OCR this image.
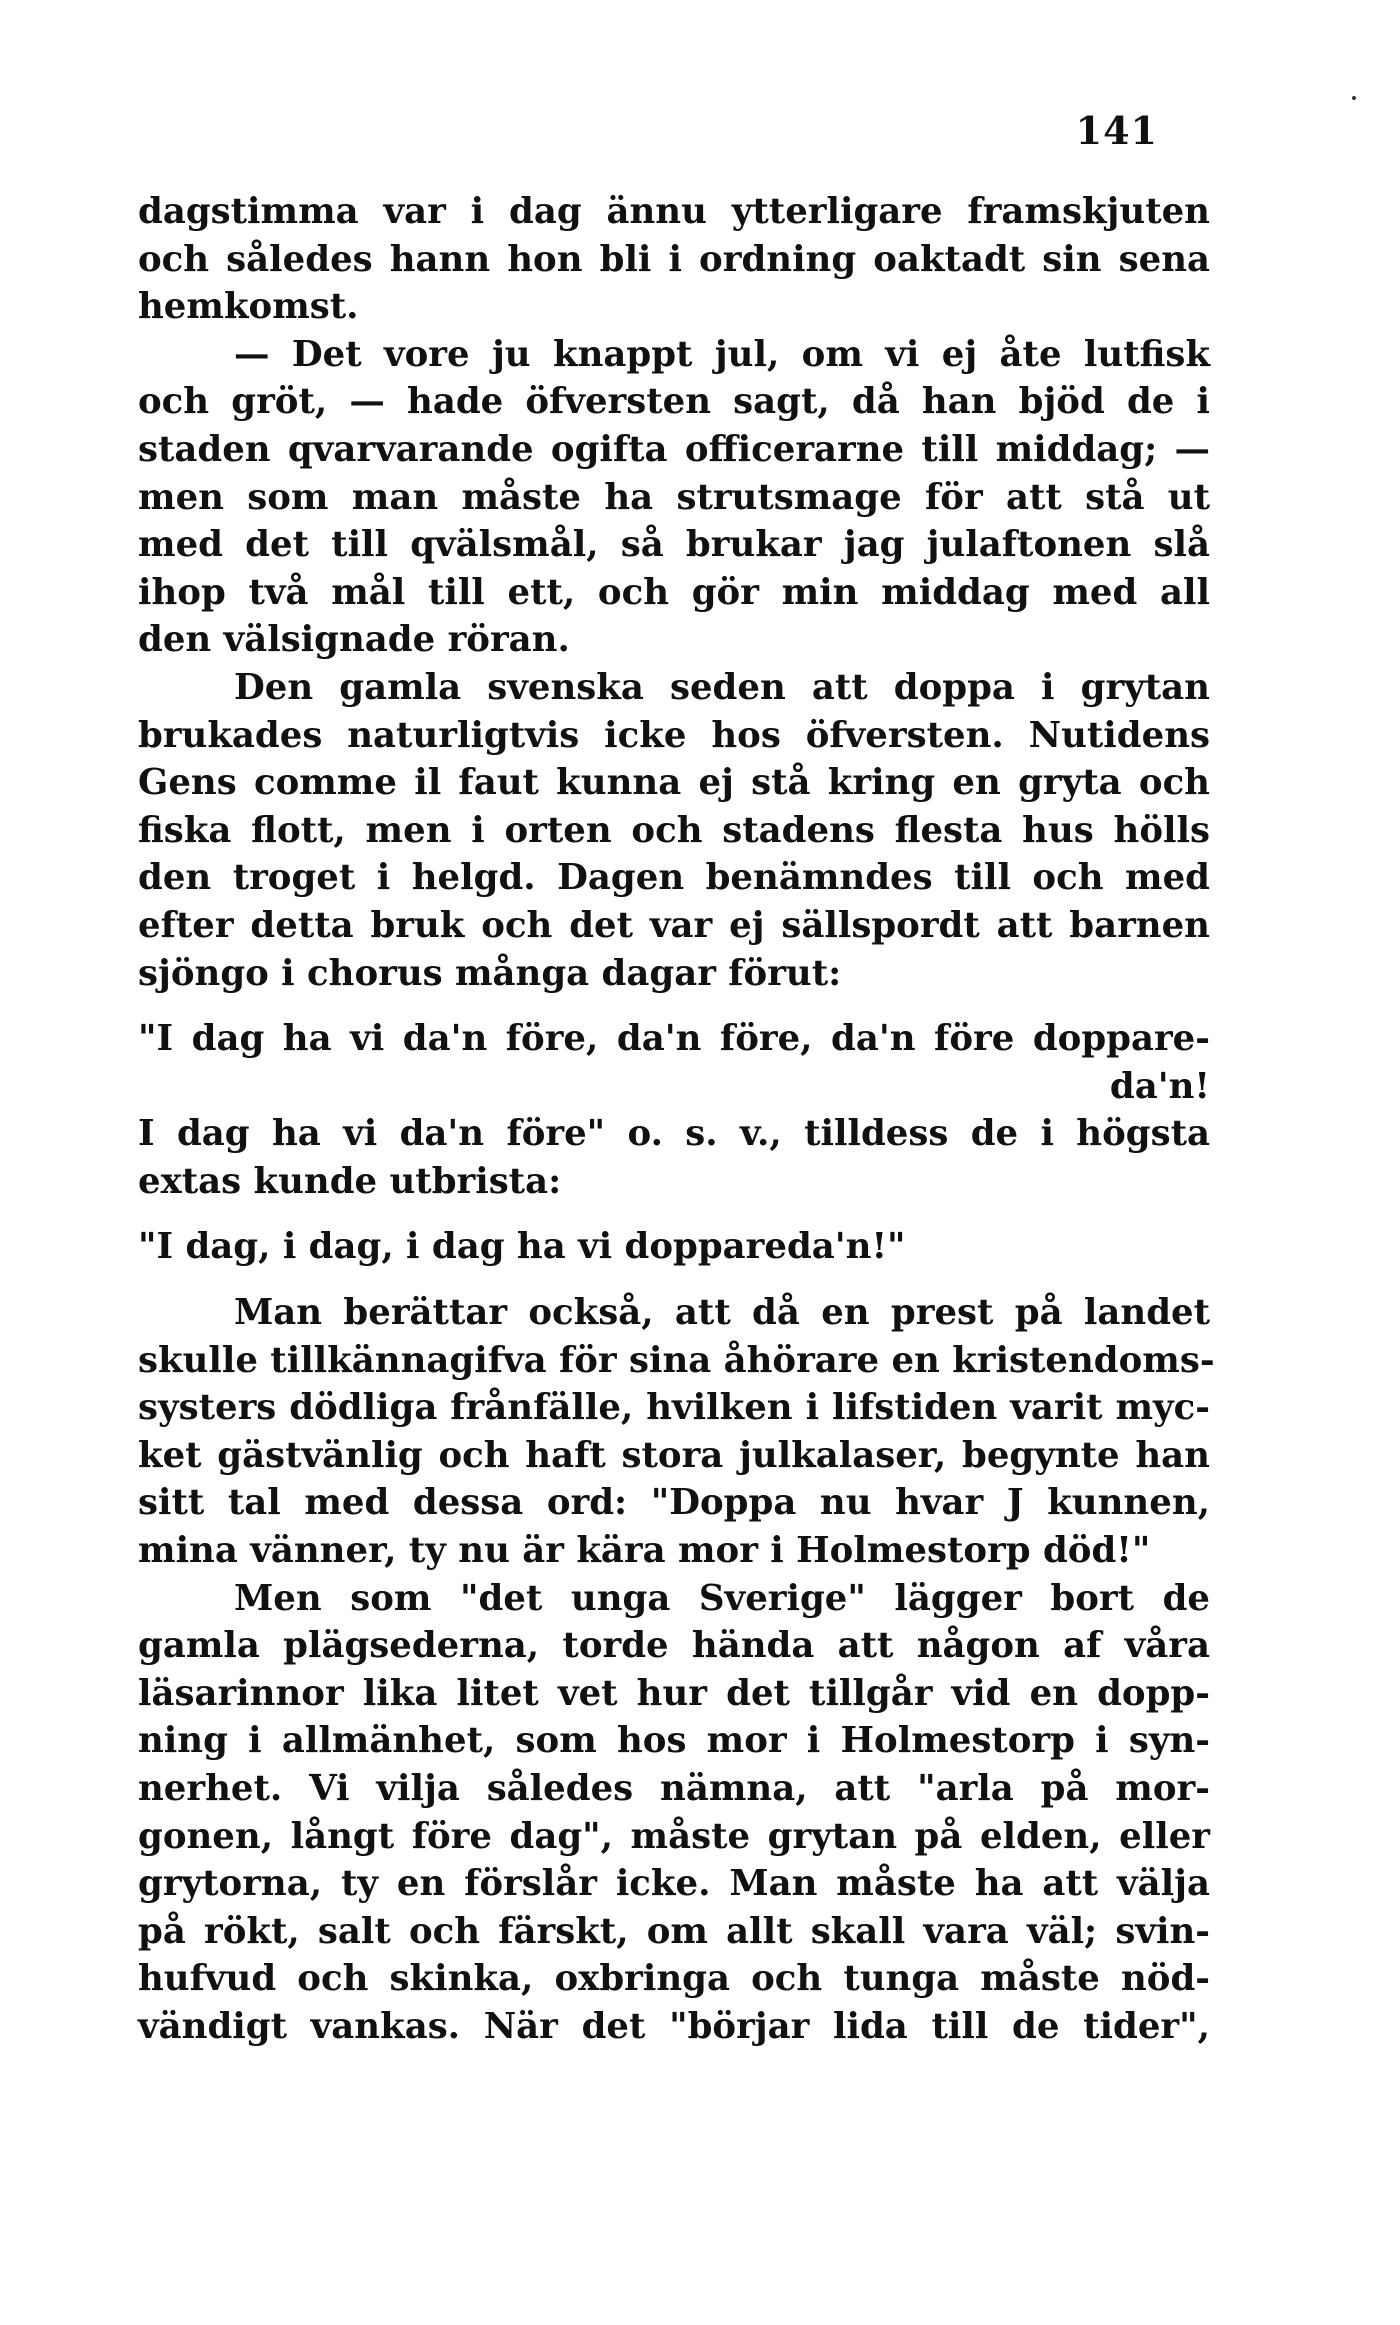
141
dagstimma var i dag ännu ytterligare framskjuten
och således hann hon bli i ordning oaktadt sin sena
hemkomst.
— Det vore ju knappt jul, om vi ej åte lutfisk
och gröt, — hade öfversten sagt, då han bjöd de i
staden qvarvarande ogifta officerarne till middag; —
men som man måste ha strutsmage för att stå ut
med det till qvälsmål, så brukar jag julaftonen slå
ihop två mål till ett, och gör min middag med all
den välsignade röran.
Den gamla svenska seden att doppa i grytan
brukades naturligtvis icke hos öfversten. Nutidens
Gens comme il faut kunna ej stå kring en gryta och
fiska flott, men i orten och stadens flesta hus hölls
den troget i helgd. Dagen benämndes till och med
efter detta bruk och det var ej sällspordt att barnen
sjöngo i chorus många dagar förut:
"I dag ha vi da'n före, da'n före, da'n före doppare-
da'n!
I dag ha vi da'n före" o. s. v., tilldess de i högsta
extas kunde utbrista:
"I dag, i dag, i dag ha vi doppareda'n!"
Man berättar också, att då en prest på landet
skulle tillkännagifva för sina åhörare en kristendoms-
systers dödliga frånfälle, hvilken i lifstiden varit myc-
ket gästvänlig och haft stora julkalaser, begynte han
sitt tal med dessa ord: "Doppa nu hvar J kunnen,
mina vänner, ty nu är kära mor i Holmestorp död!"
Men som "det unga Sverige" lägger bort de
gamla plägsederna, torde hända att någon af våra
läsarinnor lika litet vet hur det tillgår vid en dopp-
ning i allmänhet, som hos mor i Holmestorp i syn-
nerhet. Vi vilja således nämna, att "arla på mor-
gonen, långt före dag", måste grytan på elden, eller
grytorna, ty en förslår icke. Man måste ha att välja
på rökt, salt och färskt, om allt skall vara väl; svin-
hufvud och skinka, oxbringa och tunga måste nöd-
vändigt vankas. När det "börjar lida till de tider",
